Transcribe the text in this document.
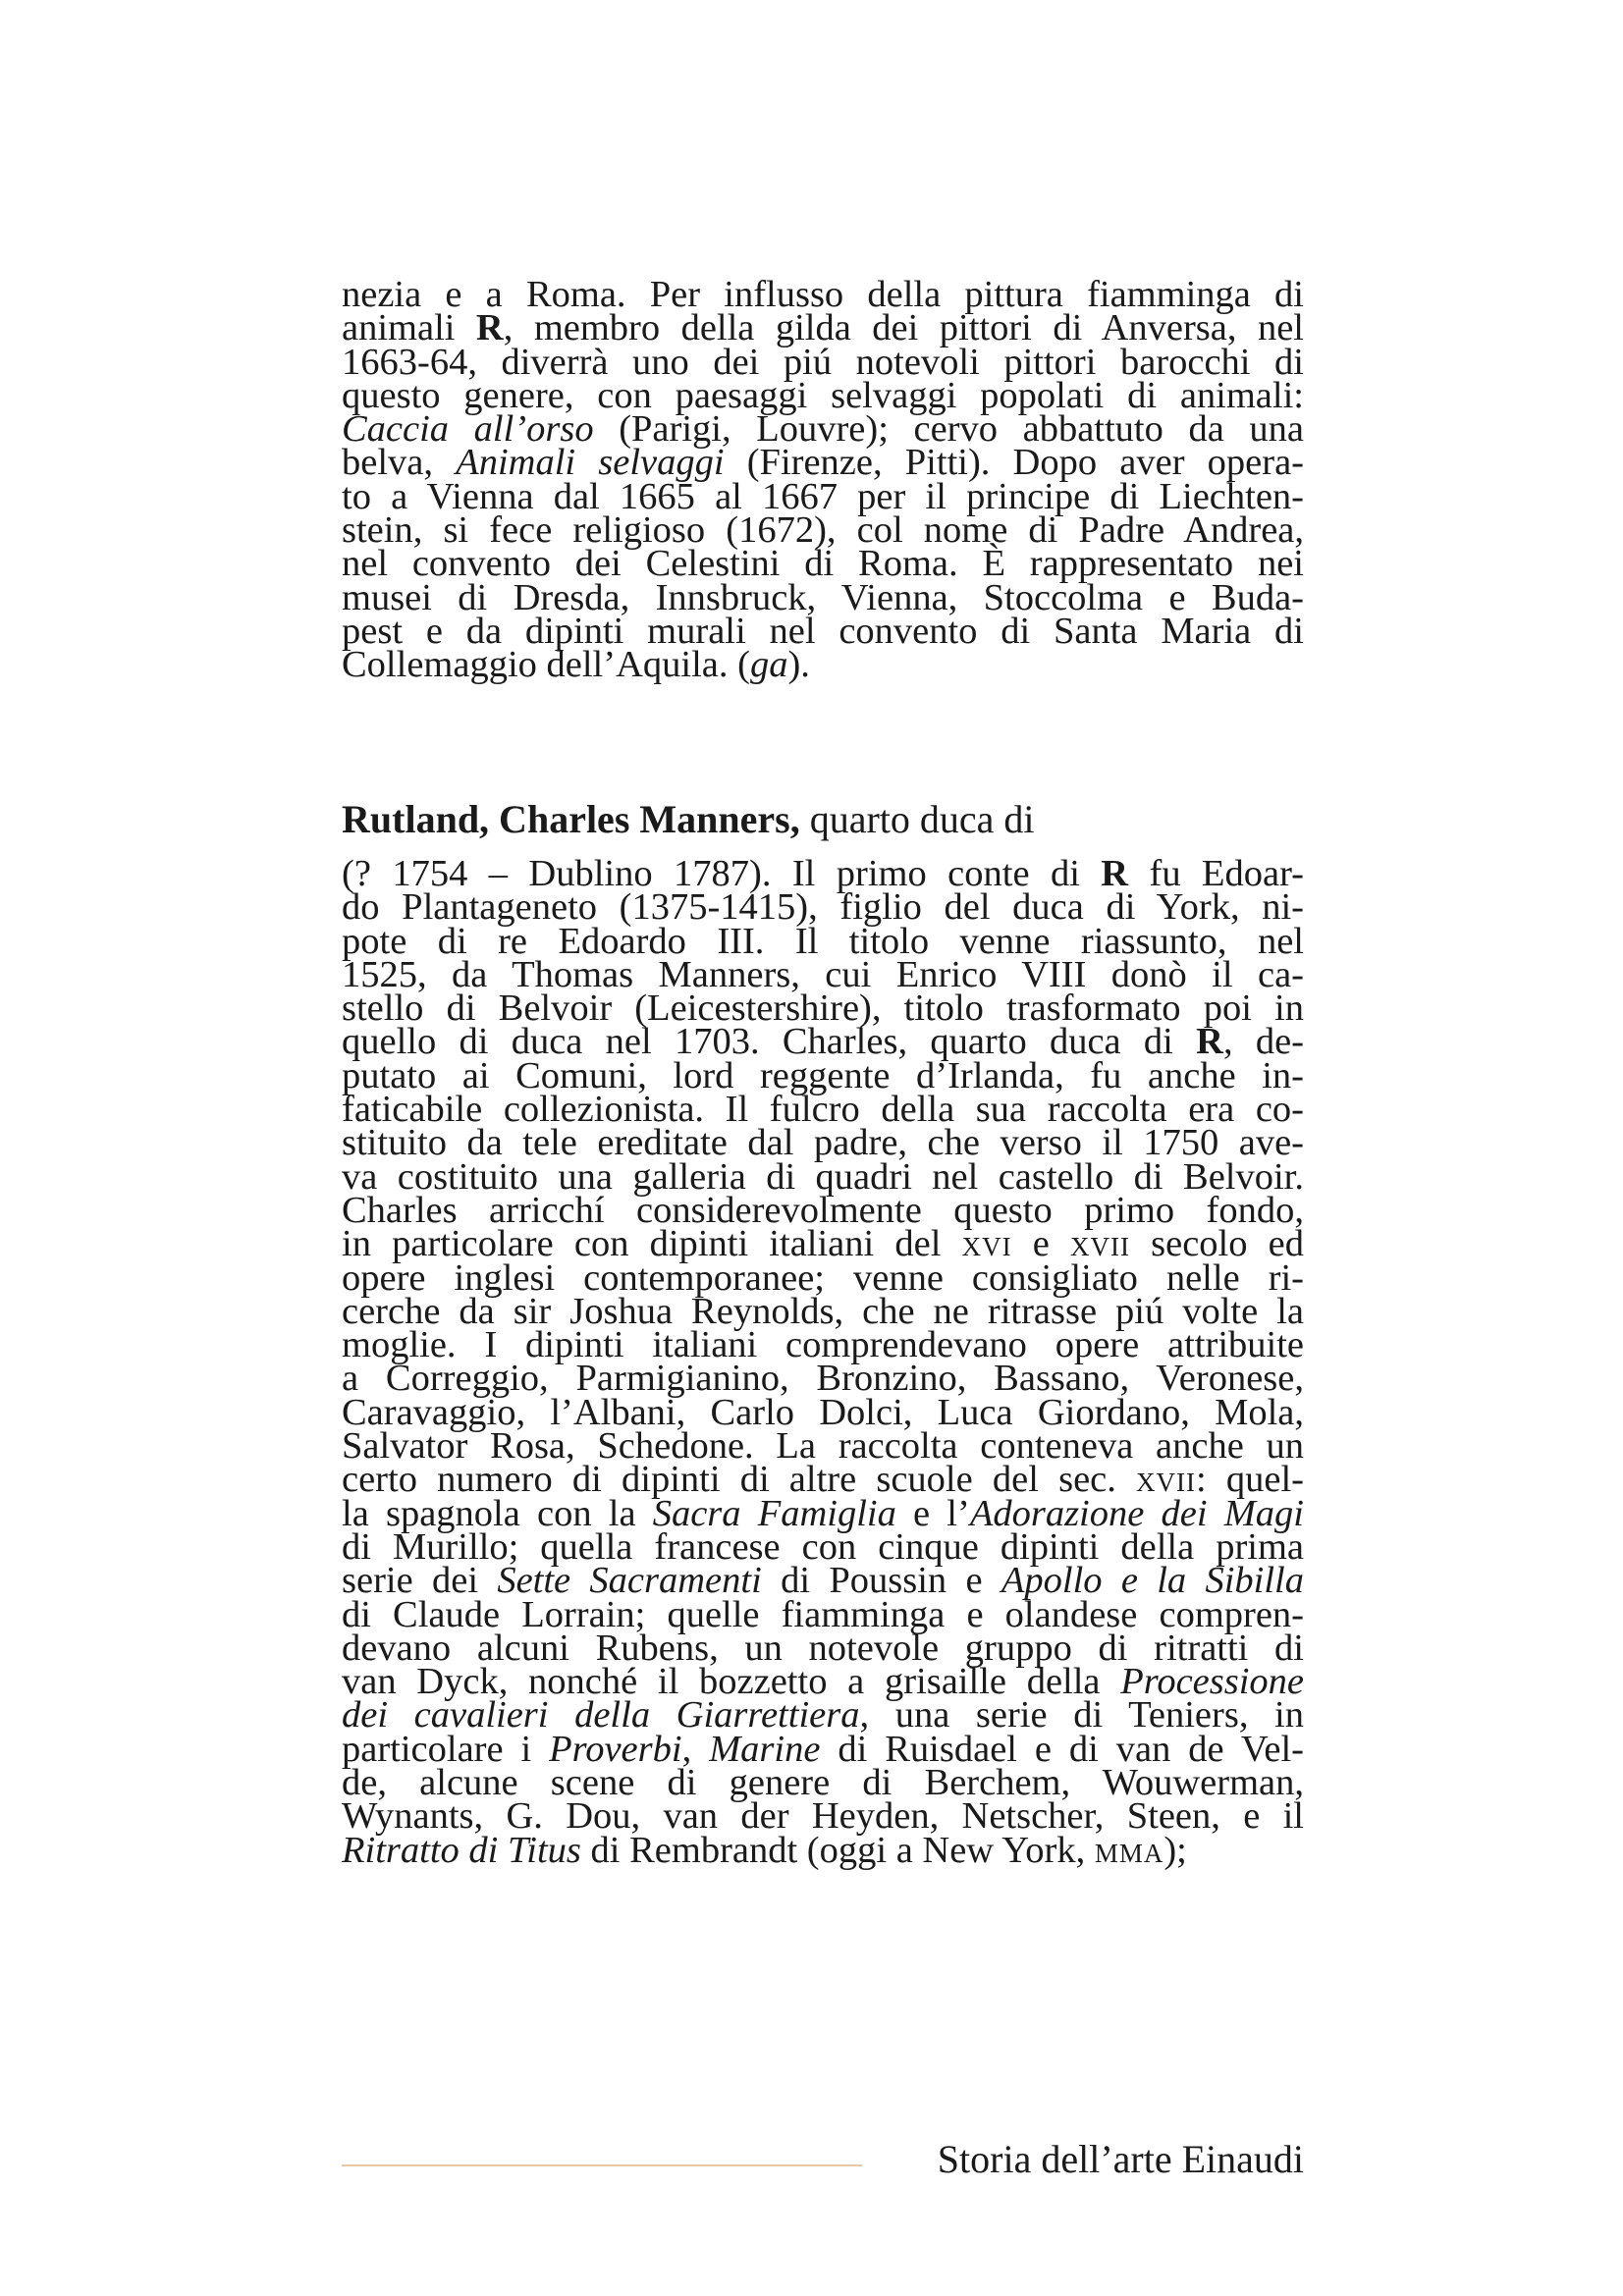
nezia e a Roma. Per influsso della pittura fiamminga di
animali R, membro della gilda dei pittori di Anversa, nel
1663-64, diverrà uno dei piú notevoli pittori barocchi di
questo genere, con paesaggi selvaggi popolati di animali:
Caccia all’orso (Parigi, Louvre); cervo abbattuto da una
belva, Animali selvaggi (Firenze, Pitti). Dopo aver opera-
to a Vienna dal 1665 al 1667 per il principe di Liechten-
stein, si fece religioso (1672), col nome di Padre Andrea,
nel convento dei Celestini di Roma. È rappresentato nei
musei di Dresda, Innsbruck, Vienna, Stoccolma e Buda-
pest e da dipinti murali nel convento di Santa Maria di
Collemaggio dell’Aquila. (ga).
Rutland, Charles Manners, quarto duca di
(? 1754 – Dublino 1787). Il primo conte di R fu Edoar-
do Plantageneto (1375-1415), figlio del duca di York, ni-
pote di re Edoardo III. Il titolo venne riassunto, nel
1525, da Thomas Manners, cui Enrico VIII donò il ca-
stello di Belvoir (Leicestershire), titolo trasformato poi in
quello di duca nel 1703. Charles, quarto duca di R, de-
putato ai Comuni, lord reggente d’Irlanda, fu anche in-
faticabile collezionista. Il fulcro della sua raccolta era co-
stituito da tele ereditate dal padre, che verso il 1750 ave-
va costituito una galleria di quadri nel castello di Belvoir.
Charles arricchí considerevolmente questo primo fondo,
in particolare con dipinti italiani del xvi e xvii secolo ed
opere inglesi contemporanee; venne consigliato nelle ri-
cerche da sir Joshua Reynolds, che ne ritrasse piú volte la
moglie. I dipinti italiani comprendevano opere attribuite
a Correggio, Parmigianino, Bronzino, Bassano, Veronese,
Caravaggio, l’Albani, Carlo Dolci, Luca Giordano, Mola,
Salvator Rosa, Schedone. La raccolta conteneva anche un
certo numero di dipinti di altre scuole del sec. xvii: quel-
la spagnola con la Sacra Famiglia e l’Adorazione dei Magi
di Murillo; quella francese con cinque dipinti della prima
serie dei Sette Sacramenti di Poussin e Apollo e la Sibilla
di Claude Lorrain; quelle fiamminga e olandese compren-
devano alcuni Rubens, un notevole gruppo di ritratti di
van Dyck, nonché il bozzetto a grisaille della Processione
dei cavalieri della Giarrettiera, una serie di Teniers, in
particolare i Proverbi, Marine di Ruisdael e di van de Vel-
de, alcune scene di genere di Berchem, Wouwerman,
Wynants, G. Dou, van der Heyden, Netscher, Steen, e il
Ritratto di Titus di Rembrandt (oggi a New York, mma);
Storia dell’arte Einaudi
